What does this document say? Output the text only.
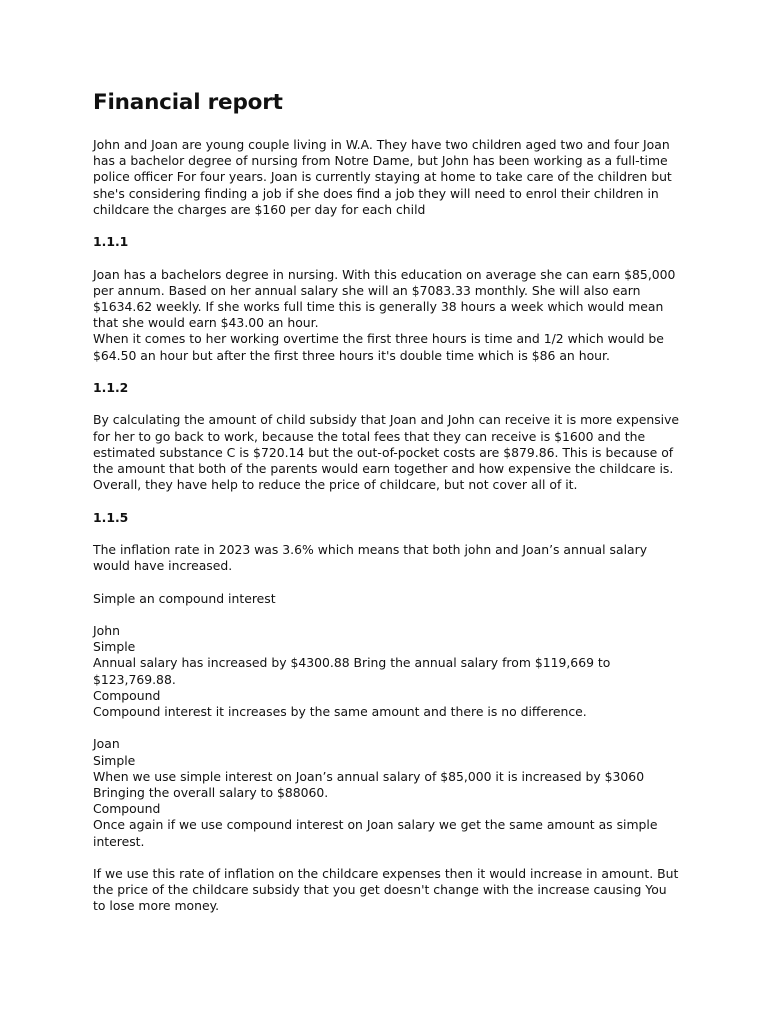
Financial report

John and Joan are young couple living in W.A. They have two children aged two and four Joan has a bachelor degree of nursing from Notre Dame, but John has been working as a full-time police officer For four years. Joan is currently staying at home to take care of the children but she's considering finding a job if she does find a job they will need to enrol their children in childcare the charges are $160 per day for each child

1.1.1

Joan has a bachelors degree in nursing. With this education on average she can earn $85,000 per annum. Based on her annual salary she will an $7083.33 monthly. She will also earn $1634.62 weekly. If she works full time this is generally 38 hours a week which would mean that she would earn $43.00 an hour.
When it comes to her working overtime the first three hours is time and 1/2 which would be $64.50 an hour but after the first three hours it's double time which is $86 an hour.

1.1.2

By calculating the amount of child subsidy that Joan and John can receive it is more expensive for her to go back to work, because the total fees that they can receive is $1600 and the estimated substance C is $720.14 but the out-of-pocket costs are $879.86. This is because of the amount that both of the parents would earn together and how expensive the childcare is.
Overall, they have help to reduce the price of childcare, but not cover all of it.

1.1.5

The inflation rate in 2023 was 3.6% which means that both john and Joan’s annual salary would have increased.

Simple an compound interest

John
Simple
Annual salary has increased by $4300.88 Bring the annual salary from $119,669 to $123,769.88.
Compound
Compound interest it increases by the same amount and there is no difference.
Joan
Simple
When we use simple interest on Joan’s annual salary of $85,000 it is increased by $3060 Bringing the overall salary to $88060.
Compound
Once again if we use compound interest on Joan salary we get the same amount as simple interest.

If we use this rate of inflation on the childcare expenses then it would increase in amount. But the price of the childcare subsidy that you get doesn't change with the increase causing You to lose more money.
